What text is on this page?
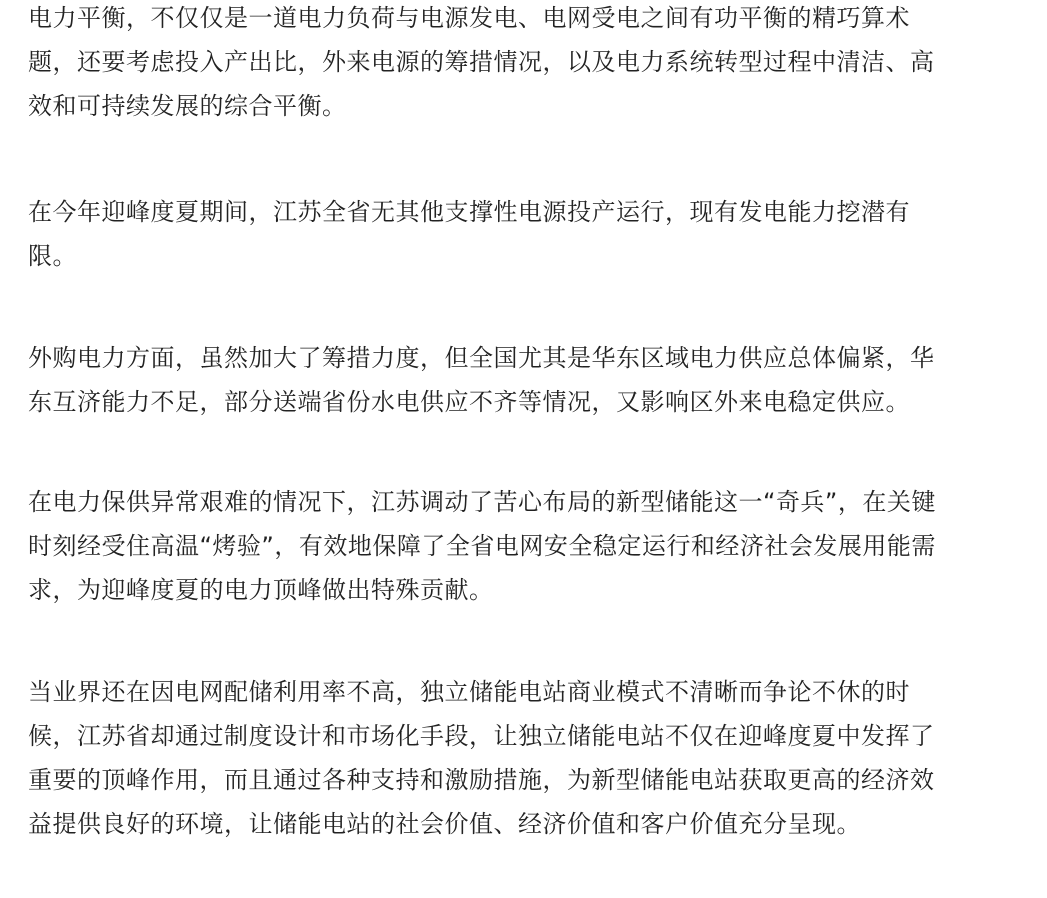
电力平衡，不仅仅是一道电力负荷与电源发电、电网受电之间有功平衡的精巧算术
题，还要考虑投入产出比，外来电源的筹措情况，以及电力系统转型过程中清洁、高
效和可持续发展的综合平衡。

在今年迎峰度夏期间，江苏全省无其他支撑性电源投产运行，现有发电能力挖潜有
限。

外购电力方面，虽然加大了筹措力度，但全国尤其是华东区域电力供应总体偏紧，华
东互济能力不足，部分送端省份水电供应不齐等情况，又影响区外来电稳定供应。

在电力保供异常艰难的情况下，江苏调动了苦心布局的新型储能这一“奇兵”，在关键
时刻经受住高温“烤验”，有效地保障了全省电网安全稳定运行和经济社会发展用能需
求，为迎峰度夏的电力顶峰做出特殊贡献。

当业界还在因电网配储利用率不高，独立储能电站商业模式不清晰而争论不休的时
候，江苏省却通过制度设计和市场化手段，让独立储能电站不仅在迎峰度夏中发挥了
重要的顶峰作用，而且通过各种支持和激励措施，为新型储能电站获取更高的经济效
益提供良好的环境，让储能电站的社会价值、经济价值和客户价值充分呈现。
